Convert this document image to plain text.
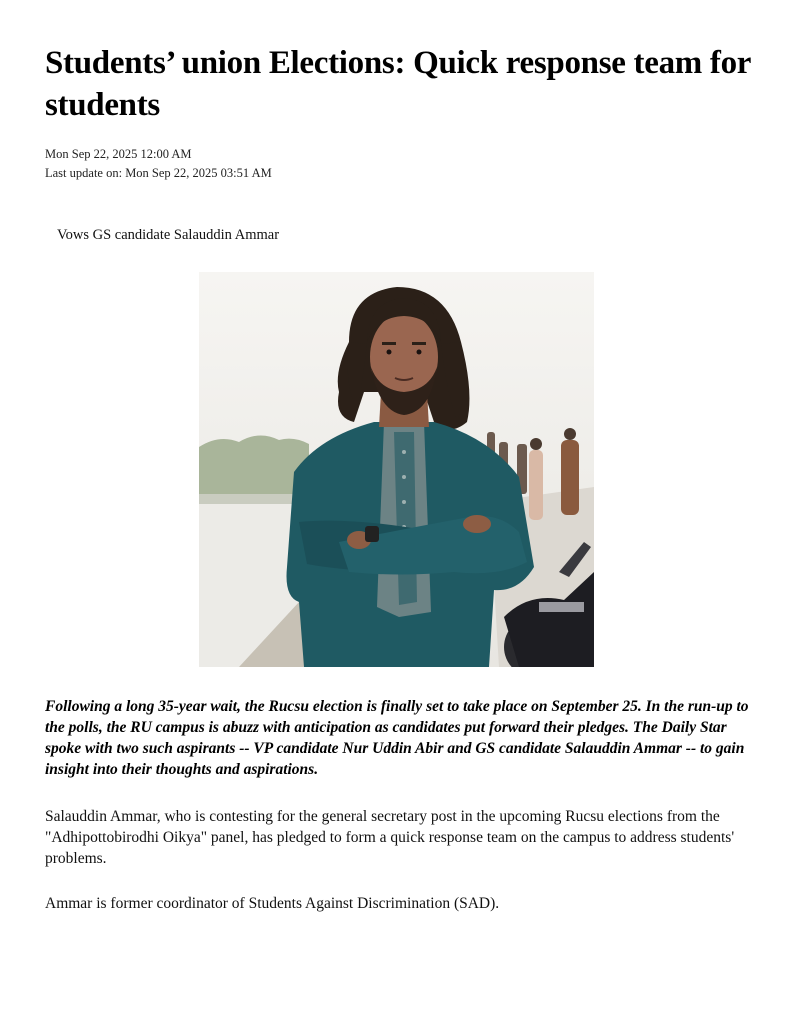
Students’ union Elections: Quick response team for students
Mon Sep 22, 2025 12:00 AM
Last update on: Mon Sep 22, 2025 03:51 AM
Vows GS candidate Salauddin Ammar

Following a long 35-year wait, the Rucsu election is finally set to take place on September 25. In the run-up to the polls, the RU campus is abuzz with anticipation as candidates put forward their pledges. The Daily Star spoke with two such aspirants -- VP candidate Nur Uddin Abir and GS candidate Salauddin Ammar -- to gain insight into their thoughts and aspirations.

Salauddin Ammar, who is contesting for the general secretary post in the upcoming Rucsu elections from the "Adhipottobirodhi Oikya" panel, has pledged to form a quick response team on the campus to address students' problems.

Ammar is former coordinator of Students Against Discrimination (SAD).
